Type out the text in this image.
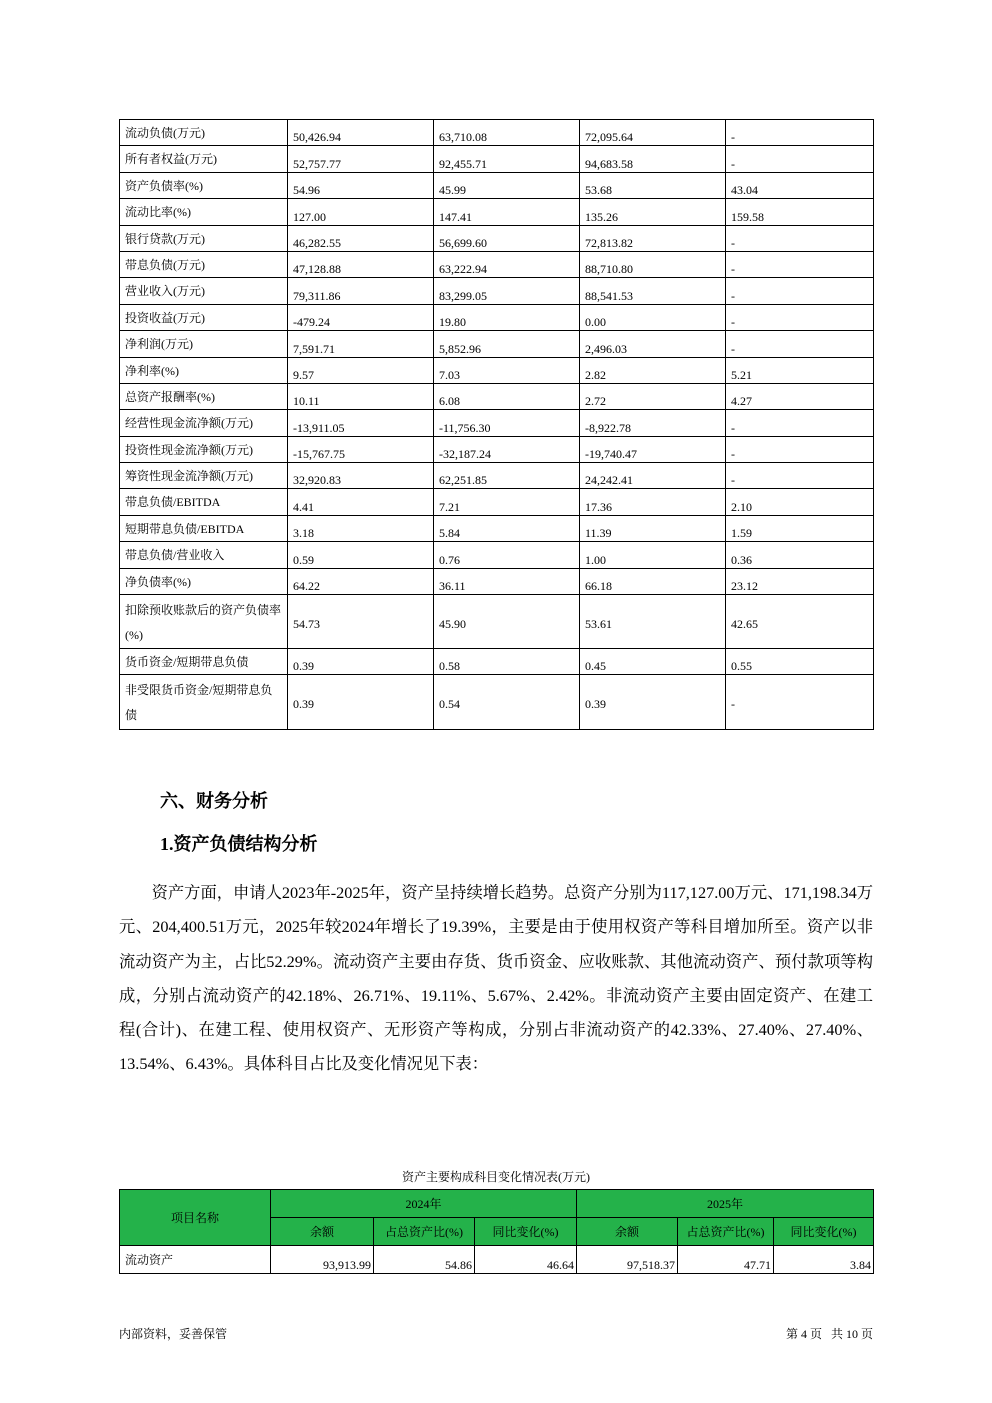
流动负债(万元)	50,426.94	63,710.08	72,095.64	-
所有者权益(万元)	52,757.77	92,455.71	94,683.58	-
资产负债率(%)	54.96	45.99	53.68	43.04
流动比率(%)	127.00	147.41	135.26	159.58
银行贷款(万元)	46,282.55	56,699.60	72,813.82	-
带息负债(万元)	47,128.88	63,222.94	88,710.80	-
营业收入(万元)	79,311.86	83,299.05	88,541.53	-
投资收益(万元)	-479.24	19.80	0.00	-
净利润(万元)	7,591.71	5,852.96	2,496.03	-
净利率(%)	9.57	7.03	2.82	5.21
总资产报酬率(%)	10.11	6.08	2.72	4.27
经营性现金流净额(万元)	-13,911.05	-11,756.30	-8,922.78	-
投资性现金流净额(万元)	-15,767.75	-32,187.24	-19,740.47	-
筹资性现金流净额(万元)	32,920.83	62,251.85	24,242.41	-
带息负债/EBITDA	4.41	7.21	17.36	2.10
短期带息负债/EBITDA	3.18	5.84	11.39	1.59
带息负债/营业收入	0.59	0.76	1.00	0.36
净负债率(%)	64.22	36.11	66.18	23.12
扣除预收账款后的资产负债率(%)	54.73	45.90	53.61	42.65
货币资金/短期带息负债	0.39	0.58	0.45	0.55
非受限货币资金/短期带息负债	0.39	0.54	0.39	-
六、财务分析
1.资产负债结构分析

资产方面，申请人2023年-2025年，资产呈持续增长趋势。总资产分别为117,127.00万元、171,198.34万元、204,400.51万元，2025年较2024年增长了19.39%，主要是由于使用权资产等科目增加所至。资产以非流动资产为主，占比52.29%。流动资产主要由存货、货币资金、应收账款、其他流动资产、预付款项等构成，分别占流动资产的42.18%、26.71%、19.11%、5.67%、2.42%。非流动资产主要由固定资产、在建工程(合计)、在建工程、使用权资产、无形资产等构成，分别占非流动资产的42.33%、27.40%、27.40%、13.54%、6.43%。具体科目占比及变化情况见下表：

资产主要构成科目变化情况表(万元)
项目名称	2024年			2025年		
	余额	占总资产比(%)	同比变化(%)	余额	占总资产比(%)	同比变化(%)
流动资产	93,913.99	54.86	46.64	97,518.37	47.71	3.84
内部资料，妥善保管	第 4 页 共 10 页
